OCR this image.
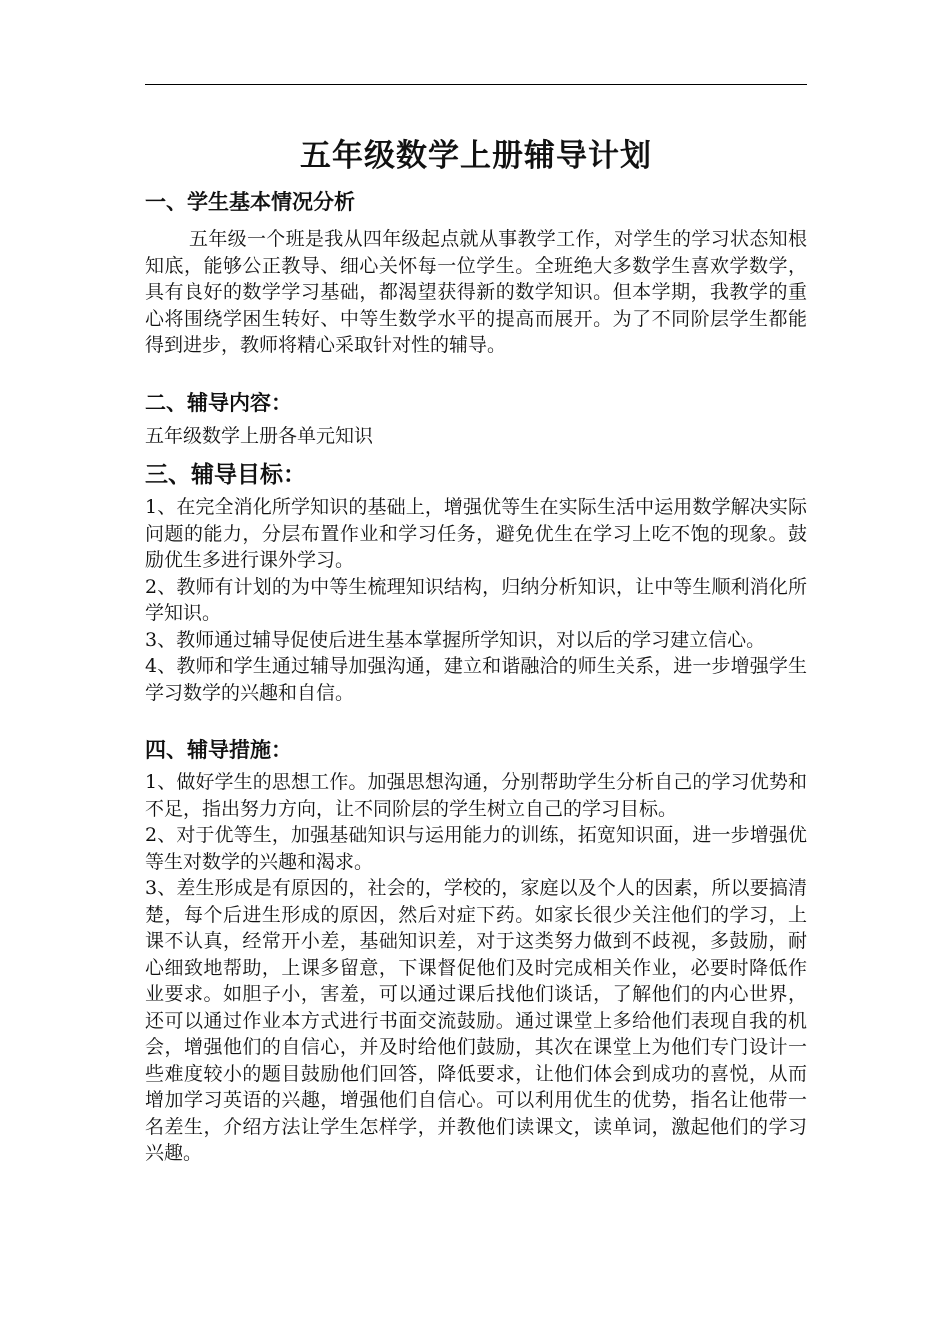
五年级数学上册辅导计划
一、学生基本情况分析

五年级一个班是我从四年级起点就从事教学工作，对学生的学习状态知根知底，能够公正教导、细心关怀每一位学生。全班绝大多数学生喜欢学数学，具有良好的数学学习基础，都渴望获得新的数学知识。但本学期，我教学的重心将围绕学困生转好、中等生数学水平的提高而展开。为了不同阶层学生都能得到进步，教师将精心采取针对性的辅导。

二、辅导内容：

五年级数学上册各单元知识

三、辅导目标：

1、在完全消化所学知识的基础上，增强优等生在实际生活中运用数学解决实际问题的能力，分层布置作业和学习任务，避免优生在学习上吃不饱的现象。鼓励优生多进行课外学习。

2、教师有计划的为中等生梳理知识结构，归纳分析知识，让中等生顺利消化所学知识。

3、教师通过辅导促使后进生基本掌握所学知识，对以后的学习建立信心。

4、教师和学生通过辅导加强沟通，建立和谐融洽的师生关系，进一步增强学生学习数学的兴趣和自信。

四、辅导措施：

1、做好学生的思想工作。加强思想沟通，分别帮助学生分析自己的学习优势和不足，指出努力方向，让不同阶层的学生树立自己的学习目标。

2、对于优等生，加强基础知识与运用能力的训练，拓宽知识面，进一步增强优等生对数学的兴趣和渴求。

3、差生形成是有原因的，社会的，学校的，家庭以及个人的因素，所以要搞清楚，每个后进生形成的原因，然后对症下药。如家长很少关注他们的学习，上课不认真，经常开小差，基础知识差，对于这类努力做到不歧视，多鼓励，耐心细致地帮助，上课多留意，下课督促他们及时完成相关作业，必要时降低作业要求。如胆子小，害羞，可以通过课后找他们谈话，了解他们的内心世界，还可以通过作业本方式进行书面交流鼓励。通过课堂上多给他们表现自我的机会，增强他们的自信心，并及时给他们鼓励，其次在课堂上为他们专门设计一些难度较小的题目鼓励他们回答，降低要求，让他们体会到成功的喜悦，从而增加学习英语的兴趣，增强他们自信心。可以利用优生的优势，指名让他带一名差生，介绍方法让学生怎样学，并教他们读课文，读单词，激起他们的学习兴趣。
